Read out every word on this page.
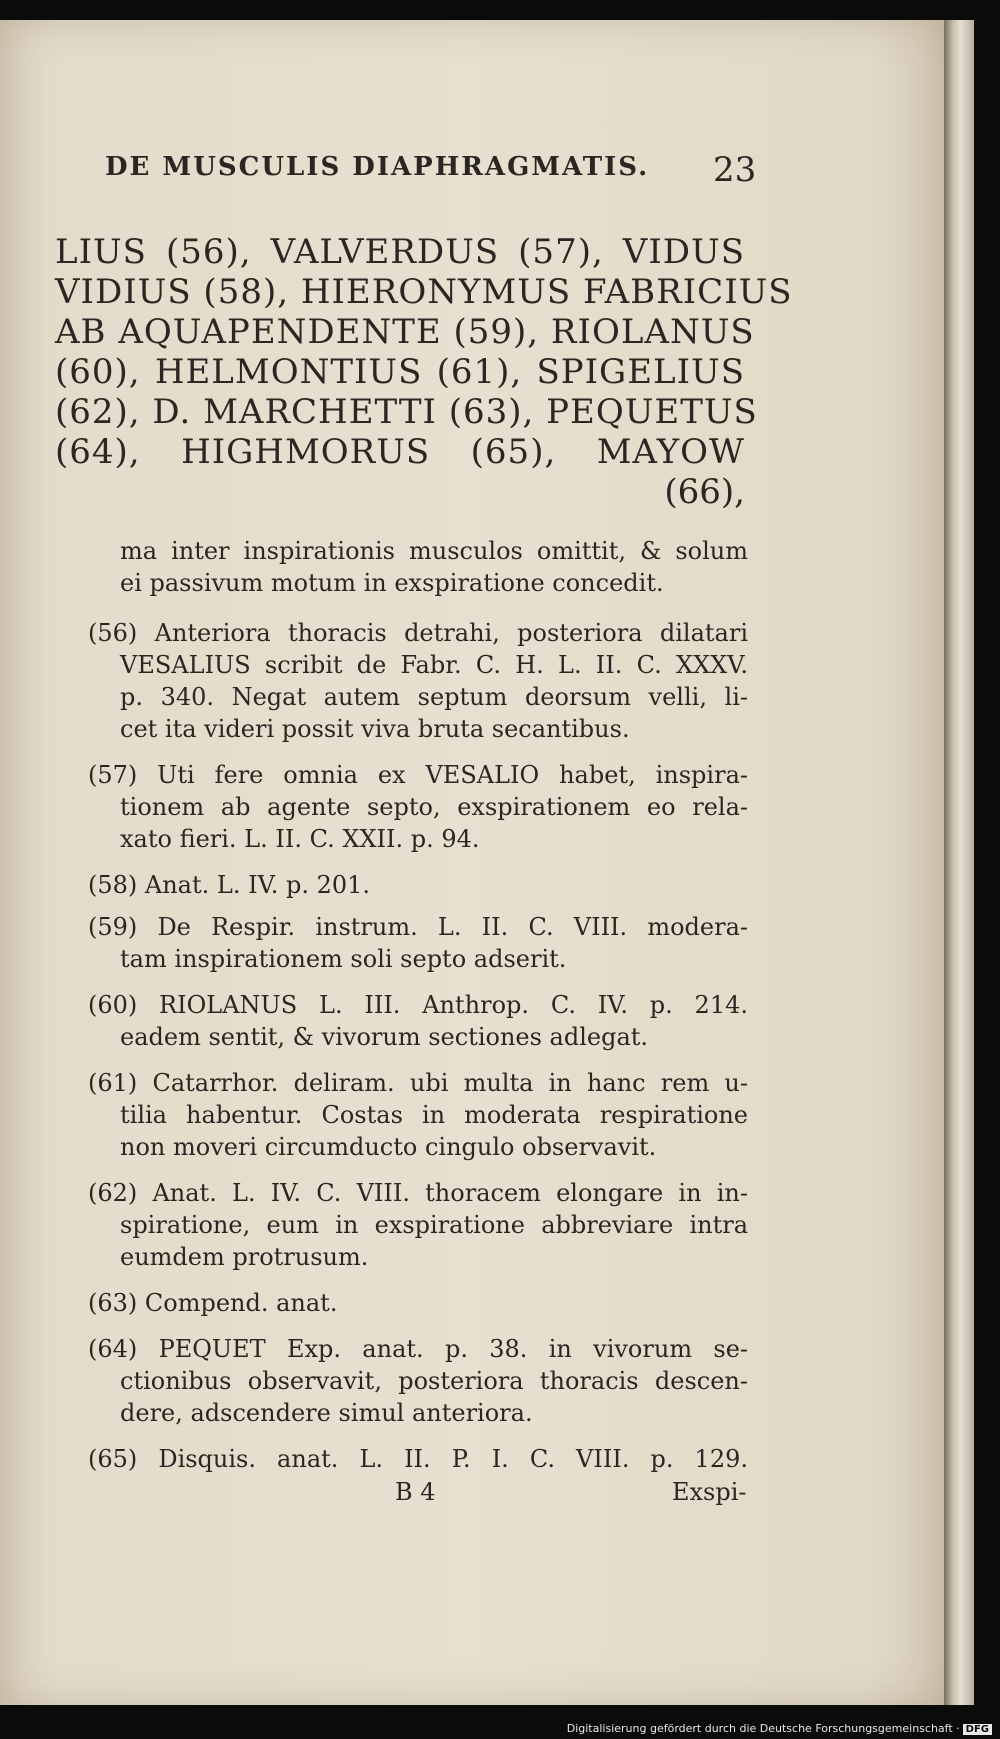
DE MUSCULIS DIAPHRAGMATIS.	23
LIUS (56), VALVERDUS (57), VIDUS
VIDIUS (58), HIERONYMUS FABRICIUS
AB AQUAPENDENTE (59), RIOLANUS
(60), HELMONTIUS (61), SPIGELIUS
(62), D. MARCHETTI (63), PEQUETUS
(64), HIGHMORUS (65), MAYOW
(66),
ma inter inspirationis musculos omittit, & solum
ei passivum motum in exspiratione concedit.
(56) Anteriora thoracis detrahi, posteriora dilatari
VESALIUS scribit de Fabr. C. H. L. II. C. XXXV.
p. 340. Negat autem septum deorsum velli, li-
cet ita videri possit viva bruta secantibus.
(57) Uti fere omnia ex VESALIO habet, inspira-
tionem ab agente septo, exspirationem eo rela-
xato fieri. L. II. C. XXII. p. 94.
(58) Anat. L. IV. p. 201.
(59) De Respir. instrum. L. II. C. VIII. modera-
tam inspirationem soli septo adserit.
(60) RIOLANUS L. III. Anthrop. C. IV. p. 214.
eadem sentit, & vivorum sectiones adlegat.
(61) Catarrhor. deliram. ubi multa in hanc rem u-
tilia habentur. Costas in moderata respiratione
non moveri circumducto cingulo observavit.
(62) Anat. L. IV. C. VIII. thoracem elongare in in-
spiratione, eum in exspiratione abbreviare intra
eumdem protrusum.
(63) Compend. anat.
(64) PEQUET Exp. anat. p. 38. in vivorum se-
ctionibus observavit, posteriora thoracis descen-
dere, adscendere simul anteriora.
(65) Disquis. anat. L. II. P. I. C. VIII. p. 129.
B 4	Exspi-
Digitalisierung gefördert durch die Deutsche Forschungsgemeinschaft · DFG
